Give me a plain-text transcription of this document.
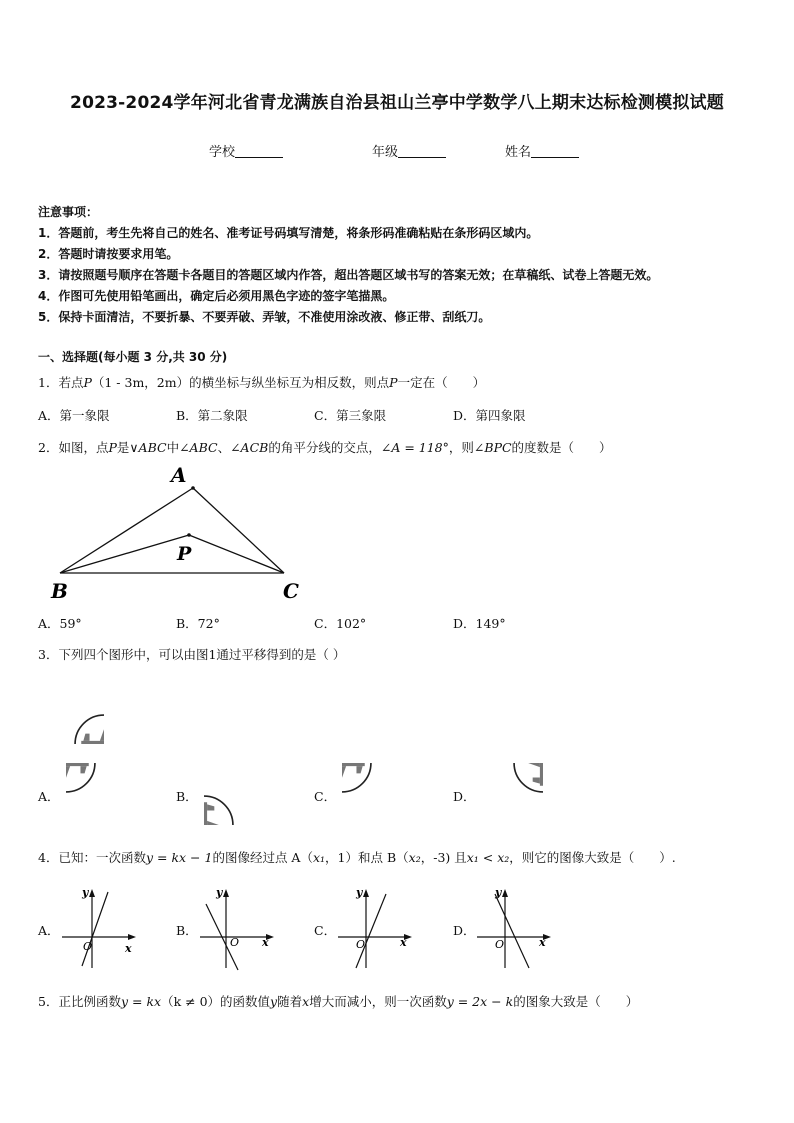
2023-2024学年河北省青龙满族自治县祖山兰亭中学数学八上期末达标检测模拟试题
学校	年级	姓名
注意事项：
1．答题前，考生先将自己的姓名、准考证号码填写清楚，将条形码准确粘贴在条形码区域内。
2．答题时请按要求用笔。
3．请按照题号顺序在答题卡各题目的答题区域内作答，超出答题区域书写的答案无效；在草稿纸、试卷上答题无效。
4．作图可先使用铅笔画出，确定后必须用黑色字迹的签字笔描黑。
5．保持卡面清洁，不要折暴、不要弄破、弄皱，不准使用涂改液、修正带、刮纸刀。
一、选择题(每小题 3 分,共 30 分)
1．若点P（1 - 3m，2m）的横坐标与纵坐标互为相反数，则点P一定在（　　）
A．第一象限	B．第二象限	C．第三象限	D．第四象限
2．如图，点P是∨ABC中∠ABC、∠ACB的角平分线的交点，∠A = 118°，则∠BPC的度数是（　　）
A
P
B	C
A．59°	B．72°	C．102°	D．149°
3．下列四个图形中，可以由图1通过平移得到的是（ ）
A．	B．	C．	D．
4．已知：一次函数y = kx − 1的图像经过点 A（x₁，1）和点 B（x₂，-3) 且x₁ < x₂，则它的图像大致是（　　）.
A．
y
O	x
B．
y
O x
C．
y
O	x
D．
y
O	x
5．正比例函数y = kx（k ≠ 0）的函数值y随着x增大而减小，则一次函数y = 2x − k的图象大致是（　　）
